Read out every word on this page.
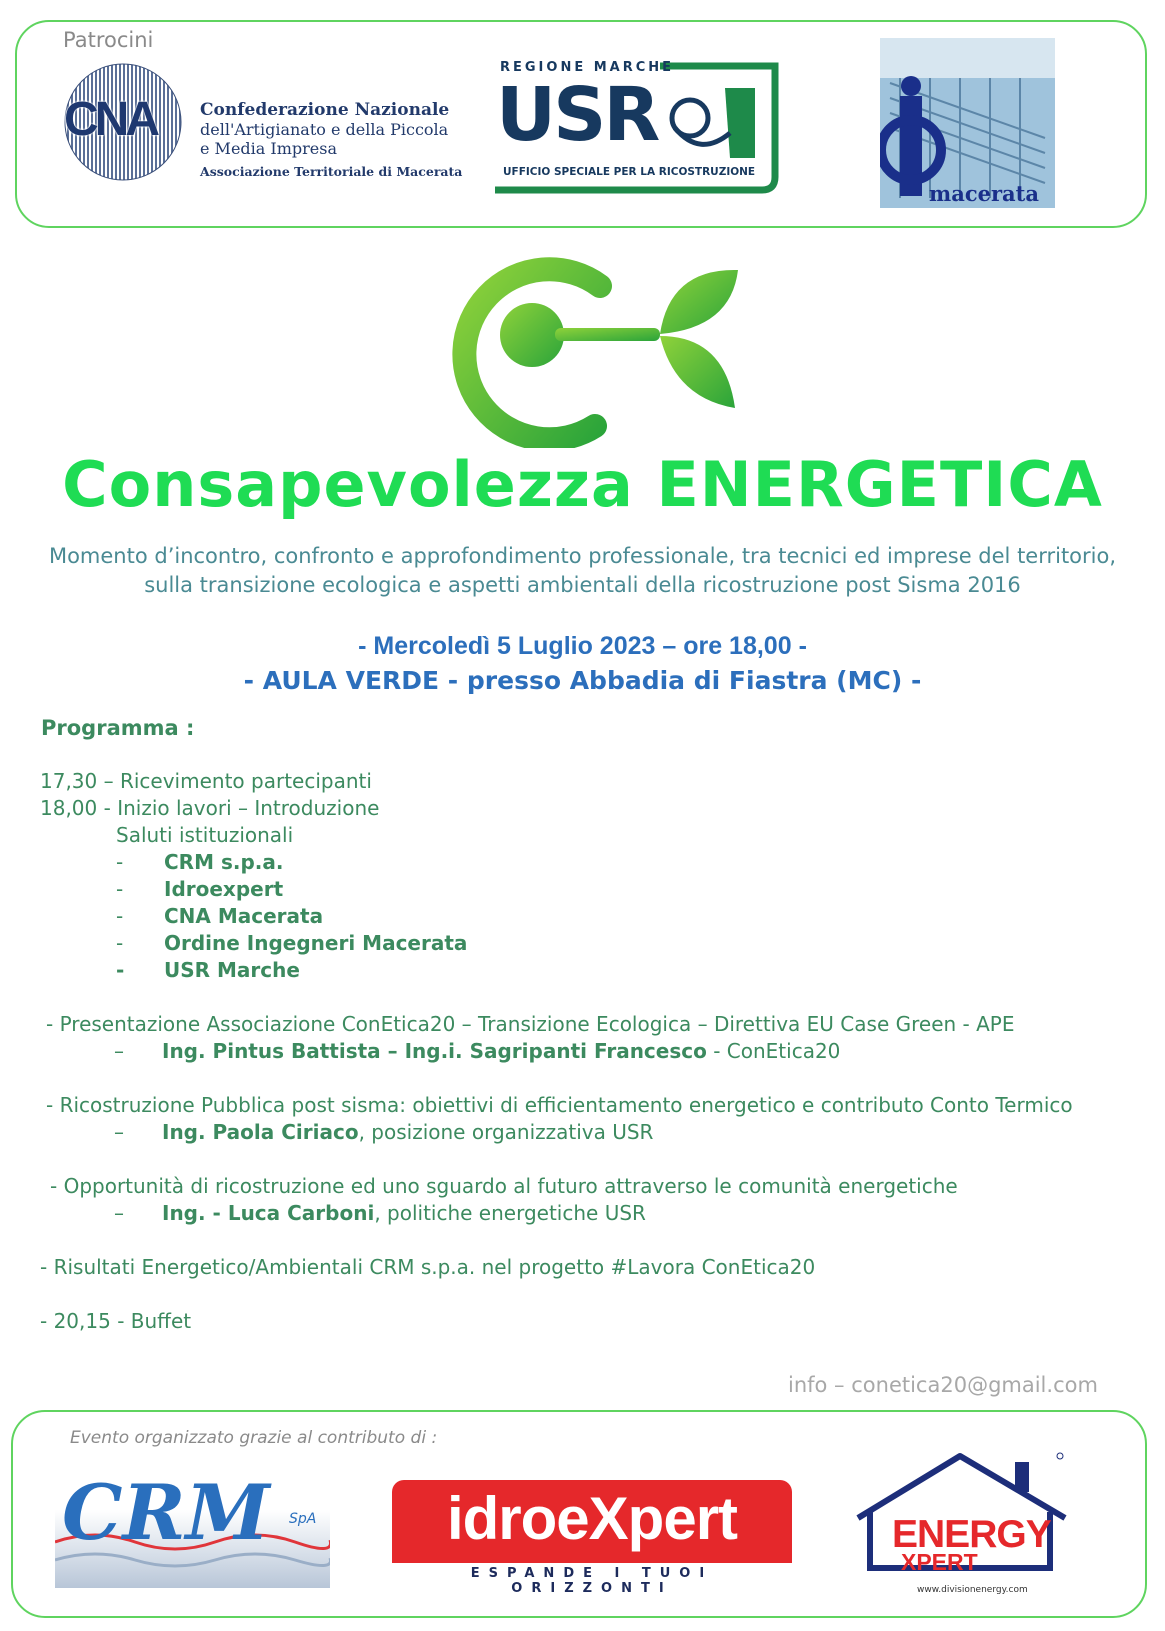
Patrocini
CNA	Confederazione Nazionale
dell'Artigianato e della Piccola
e Media Impresa
Associazione Territoriale di Macerata
REGIONE MARCHE
USR
UFFICIO SPECIALE PER LA RICOSTRUZIONE
macerata
Consapevolezza ENERGETICA
Momento d’incontro, confronto e approfondimento professionale, tra tecnici ed imprese del territorio, sulla transizione ecologica e aspetti ambientali della ricostruzione post Sisma 2016
- Mercoledì 5 Luglio 2023 – ore 18,00 -
- AULA VERDE - presso Abbadia di Fiastra (MC) -
Programma :
17,30 – Ricevimento partecipanti
18,00 - Inizio lavori – Introduzione
Saluti istituzionali
- CRM s.p.a.
- Idroexpert
- CNA Macerata
- Ordine Ingegneri Macerata
- USR Marche
- Presentazione Associazione ConEtica20 – Transizione Ecologica – Direttiva EU Case Green - APE
– Ing. Pintus Battista – Ing.i. Sagripanti Francesco - ConEtica20
- Ricostruzione Pubblica post sisma: obiettivi di efficientamento energetico e contributo Conto Termico
– Ing. Paola Ciriaco, posizione organizzativa USR
- Opportunità di ricostruzione ed uno sguardo al futuro attraverso le comunità energetiche
– Ing. - Luca Carboni, politiche energetiche USR
- Risultati Energetico/Ambientali CRM s.p.a. nel progetto #Lavora ConEtica20
- 20,15 - Buffet
info – conetica20@gmail.com
Evento organizzato grazie al contributo di :
CRM SpA	idroeXpert
ESPANDE I TUOI ORIZZONTI
ENERGY
XPERT
www.divisionenergy.com
